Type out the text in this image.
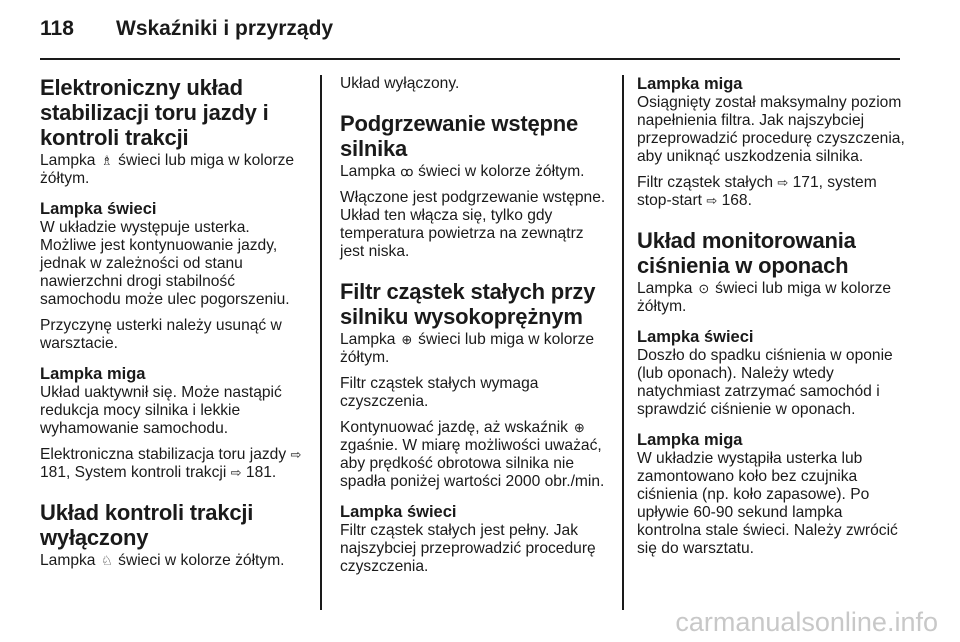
118 Wskaźniki i przyrządy
Elektroniczny układ stabilizacji toru jazdy i kontroli trakcji

Lampka ♗ świeci lub miga w kolorze żółtym.

Lampka świeci

W układzie występuje usterka. Możliwe jest kontynuowanie jazdy, jednak w zależności od stanu nawierzchni drogi stabilność samochodu może ulec pogorszeniu.

Przyczynę usterki należy usunąć w warsztacie.

Lampka miga

Układ uaktywnił się. Może nastąpić redukcja mocy silnika i lekkie wyhamowanie samochodu.

Elektroniczna stabilizacja toru jazdy ⇨ 181, System kontroli trakcji ⇨ 181.

Układ kontroli trakcji wyłączony

Lampka ♘ świeci w kolorze żółtym.

Układ wyłączony.

Podgrzewanie wstępne silnika

Lampka ꝏ świeci w kolorze żółtym.

Włączone jest podgrzewanie wstępne. Układ ten włącza się, tylko gdy temperatura powietrza na zewnątrz jest niska.

Filtr cząstek stałych przy silniku wysokoprężnym

Lampka ⊕ świeci lub miga w kolorze żółtym.

Filtr cząstek stałych wymaga czyszczenia.

Kontynuować jazdę, aż wskaźnik ⊕ zgaśnie. W miarę możliwości uważać, aby prędkość obrotowa silnika nie spadła poniżej wartości 2000 obr./min.

Lampka świeci

Filtr cząstek stałych jest pełny. Jak najszybciej przeprowadzić procedurę czyszczenia.

Lampka miga

Osiągnięty został maksymalny poziom napełnienia filtra. Jak najszybciej przeprowadzić procedurę czyszczenia, aby uniknąć uszkodzenia silnika.

Filtr cząstek stałych ⇨ 171, system stop-start ⇨ 168.

Układ monitorowania ciśnienia w oponach

Lampka ⊙ świeci lub miga w kolorze żółtym.

Lampka świeci

Doszło do spadku ciśnienia w oponie (lub oponach). Należy wtedy natychmiast zatrzymać samochód i sprawdzić ciśnienie w oponach.

Lampka miga

W układzie wystąpiła usterka lub zamontowano koło bez czujnika ciśnienia (np. koło zapasowe). Po upływie 60-90 sekund lampka kontrolna stale świeci. Należy zwrócić się do warsztatu.

carmanualsonline.info
